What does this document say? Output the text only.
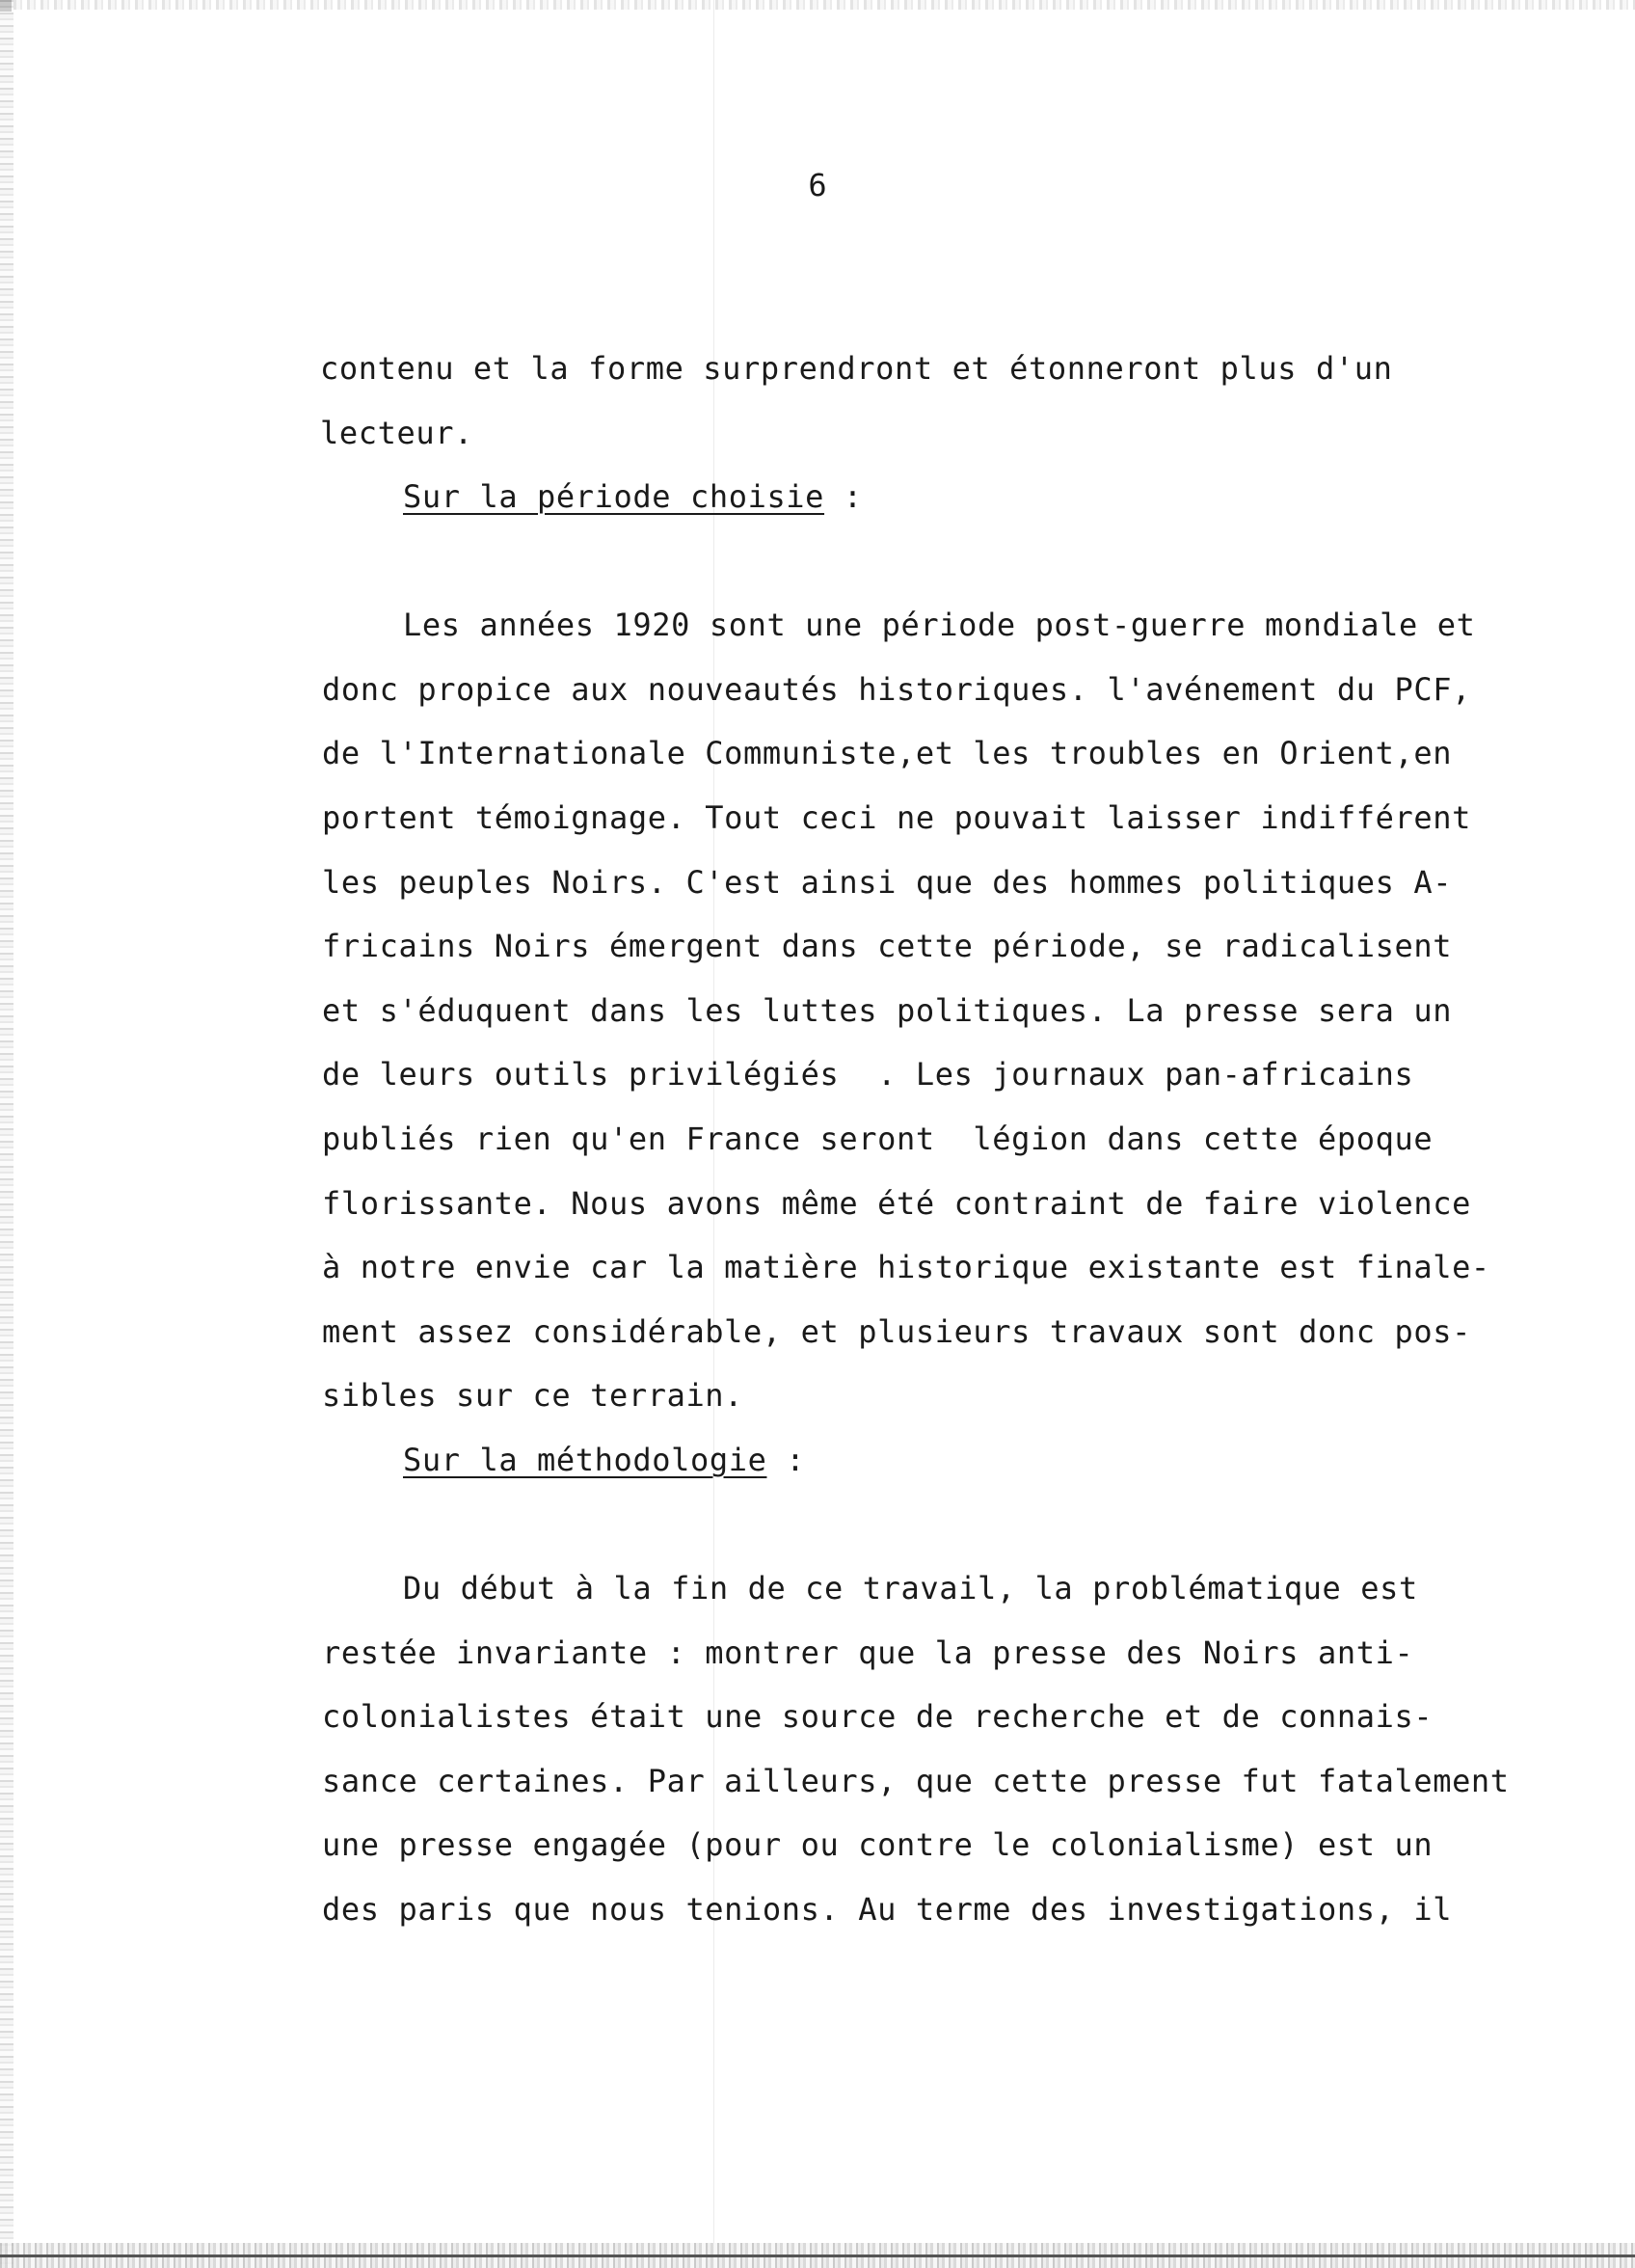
6
contenu et la forme surprendront et étonneront plus d'un
lecteur.
Sur la période choisie :
Les années 1920 sont une période post-guerre mondiale et
donc propice aux nouveautés historiques. l'avénement du PCF,
de l'Internationale Communiste,et les troubles en Orient,en
portent témoignage. Tout ceci ne pouvait laisser indifférent
les peuples Noirs. C'est ainsi que des hommes politiques A-
fricains Noirs émergent dans cette période, se radicalisent
et s'éduquent dans les luttes politiques. La presse sera un
de leurs outils privilégiés  . Les journaux pan-africains
publiés rien qu'en France seront  légion dans cette époque
florissante. Nous avons même été contraint de faire violence
à notre envie car la matière historique existante est finale-
ment assez considérable, et plusieurs travaux sont donc pos-
sibles sur ce terrain.
Sur la méthodologie :
Du début à la fin de ce travail, la problématique est
restée invariante : montrer que la presse des Noirs anti-
colonialistes était une source de recherche et de connais-
sance certaines. Par ailleurs, que cette presse fut fatalement
une presse engagée (pour ou contre le colonialisme) est un
des paris que nous tenions. Au terme des investigations, il
